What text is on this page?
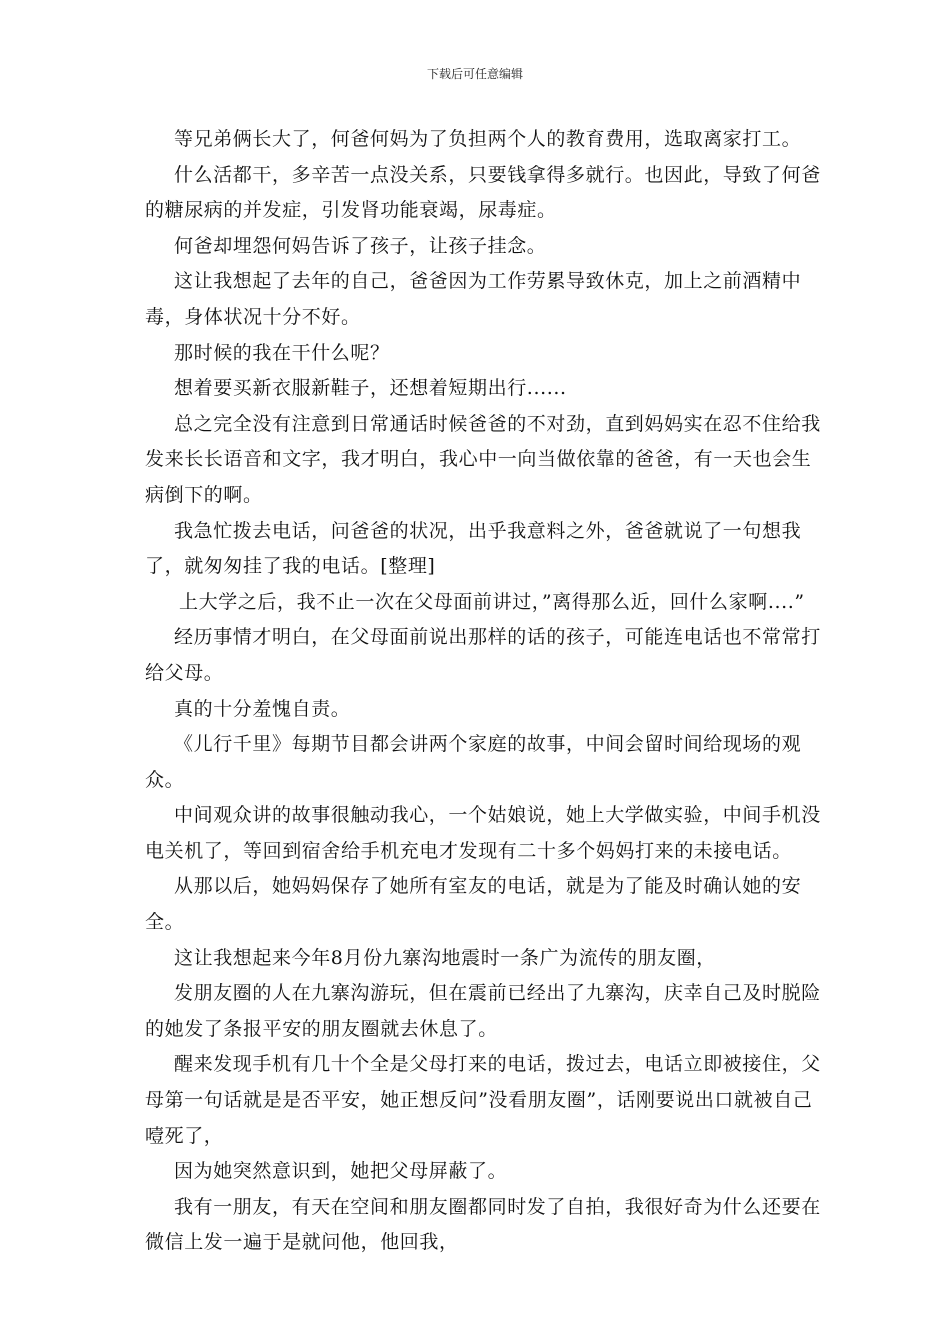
下载后可任意编辑

等兄弟俩长大了，何爸何妈为了负担两个人的教育费用，选取离家打工。

什么活都干，多辛苦一点没关系，只要钱拿得多就行。也因此，导致了何爸的糖尿病的并发症，引发肾功能衰竭，尿毒症。

何爸却埋怨何妈告诉了孩子，让孩子挂念。

这让我想起了去年的自己，爸爸因为工作劳累导致休克，加上之前酒精中毒，身体状况十分不好。

那时候的我在干什么呢？

想着要买新衣服新鞋子，还想着短期出行......

总之完全没有注意到日常通话时候爸爸的不对劲，直到妈妈实在忍不住给我发来长长语音和文字，我才明白，我心中一向当做依靠的爸爸，有一天也会生病倒下的啊。

我急忙拨去电话，问爸爸的状况，出乎我意料之外，爸爸就说了一句想我了，就匆匆挂了我的电话。[整理]

上大学之后，我不止一次在父母面前讲过，”离得那么近，回什么家啊....”

经历事情才明白，在父母面前说出那样的话的孩子，可能连电话也不常常打给父母。

真的十分羞愧自责。

《儿行千里》每期节目都会讲两个家庭的故事，中间会留时间给现场的观众。

中间观众讲的故事很触动我心，一个姑娘说，她上大学做实验，中间手机没电关机了，等回到宿舍给手机充电才发现有二十多个妈妈打来的未接电话。

从那以后，她妈妈保存了她所有室友的电话，就是为了能及时确认她的安全。

这让我想起来今年8月份九寨沟地震时一条广为流传的朋友圈，

发朋友圈的人在九寨沟游玩，但在震前已经出了九寨沟，庆幸自己及时脱险的她发了条报平安的朋友圈就去休息了。

醒来发现手机有几十个全是父母打来的电话，拨过去，电话立即被接住，父母第一句话就是是否平安，她正想反问”没看朋友圈”，话刚要说出口就被自己噎死了，

因为她突然意识到，她把父母屏蔽了。

我有一朋友，有天在空间和朋友圈都同时发了自拍，我很好奇为什么还要在微信上发一遍于是就问他，他回我，
